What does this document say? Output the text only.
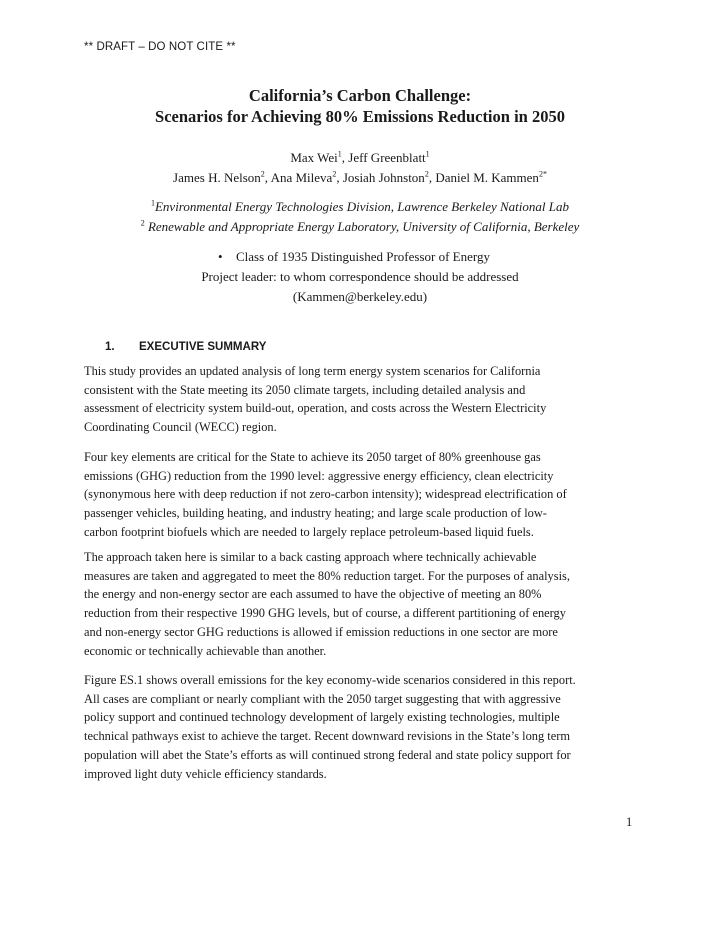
** DRAFT – DO NOT CITE **
California’s Carbon Challenge:
Scenarios for Achieving 80% Emissions Reduction in 2050
Max Wei$^1$, Jeff Greenblatt$^1$
James H. Nelson$^2$, Ana Mileva$^2$, Josiah Johnston$^2$, Daniel M. Kammen$^{2*}$
$^1$Environmental Energy Technologies Division, Lawrence Berkeley National Lab
$^2$ Renewable and Appropriate Energy Laboratory, University of California, Berkeley
• Class of 1935 Distinguished Professor of Energy
Project leader: to whom correspondence should be addressed
(Kammen@berkeley.edu)
1. EXECUTIVE SUMMARY
This study provides an updated analysis of long term energy system scenarios for California
consistent with the State meeting its 2050 climate targets, including detailed analysis and
assessment of electricity system build-out, operation, and costs across the Western Electricity
Coordinating Council (WECC) region.
Four key elements are critical for the State to achieve its 2050 target of 80% greenhouse gas
emissions (GHG) reduction from the 1990 level: aggressive energy efficiency, clean electricity
(synonymous here with deep reduction if not zero-carbon intensity); widespread electrification of
passenger vehicles, building heating, and industry heating; and large scale production of low-
carbon footprint biofuels which are needed to largely replace petroleum-based liquid fuels.
The approach taken here is similar to a back casting approach where technically achievable
measures are taken and aggregated to meet the 80% reduction target. For the purposes of analysis,
the energy and non-energy sector are each assumed to have the objective of meeting an 80%
reduction from their respective 1990 GHG levels, but of course, a different partitioning of energy
and non-energy sector GHG reductions is allowed if emission reductions in one sector are more
economic or technically achievable than another.
Figure ES.1 shows overall emissions for the key economy-wide scenarios considered in this report.
All cases are compliant or nearly compliant with the 2050 target suggesting that with aggressive
policy support and continued technology development of largely existing technologies, multiple
technical pathways exist to achieve the target. Recent downward revisions in the State’s long term
population will abet the State’s efforts as will continued strong federal and state policy support for
improved light duty vehicle efficiency standards.
1
